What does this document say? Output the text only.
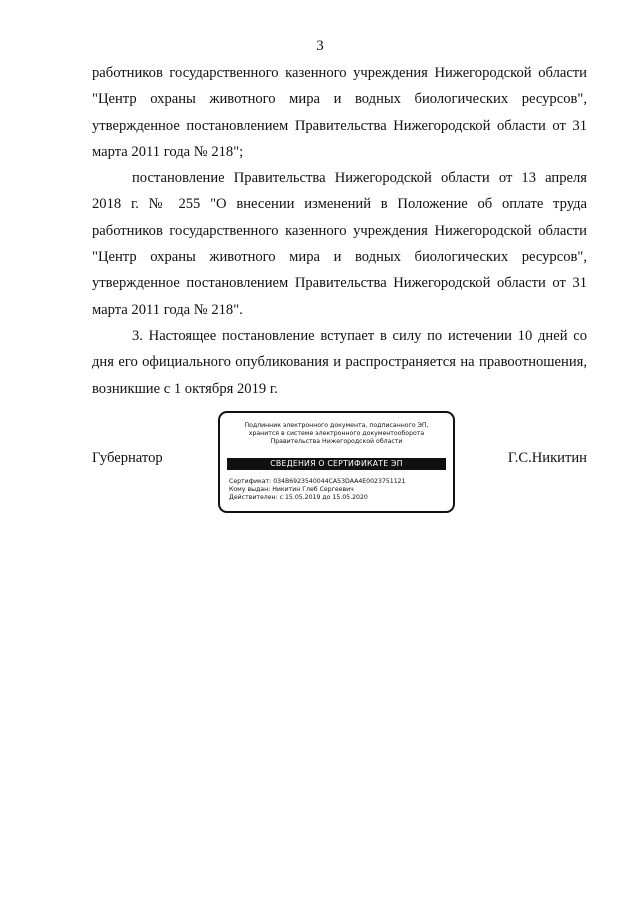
3

работников государственного казенного учреждения Нижегородской области "Центр охраны животного мира и водных биологических ресурсов", утвержденное постановлением Правительства Нижегородской области от 31 марта 2011 года № 218";

постановление Правительства Нижегородской области от 13 апреля 2018 г. № 255 "О внесении изменений в Положение об оплате труда работников государственного казенного учреждения Нижегородской области "Центр охраны животного мира и водных биологических ресурсов", утвержденное постановлением Правительства Нижегородской области от 31 марта 2011 года № 218".

3. Настоящее постановление вступает в силу по истечении 10 дней со дня его официального опубликования и распространяется на правоотношения, возникшие с 1 октября 2019 г.

Губернатор	Г.С.Никитин
Подлинник электронного документа, подписанного ЭП,
хранится в системе электронного документооборота
Правительства Нижегородской области
СВЕДЕНИЯ О СЕРТИФИКАТЕ ЭП
Сертификат: 034B6923540044CA53DAA4E0023751121
Кому выдан: Никитин Глеб Сергеевич
Действителен: с 15.05.2019 до 15.05.2020
